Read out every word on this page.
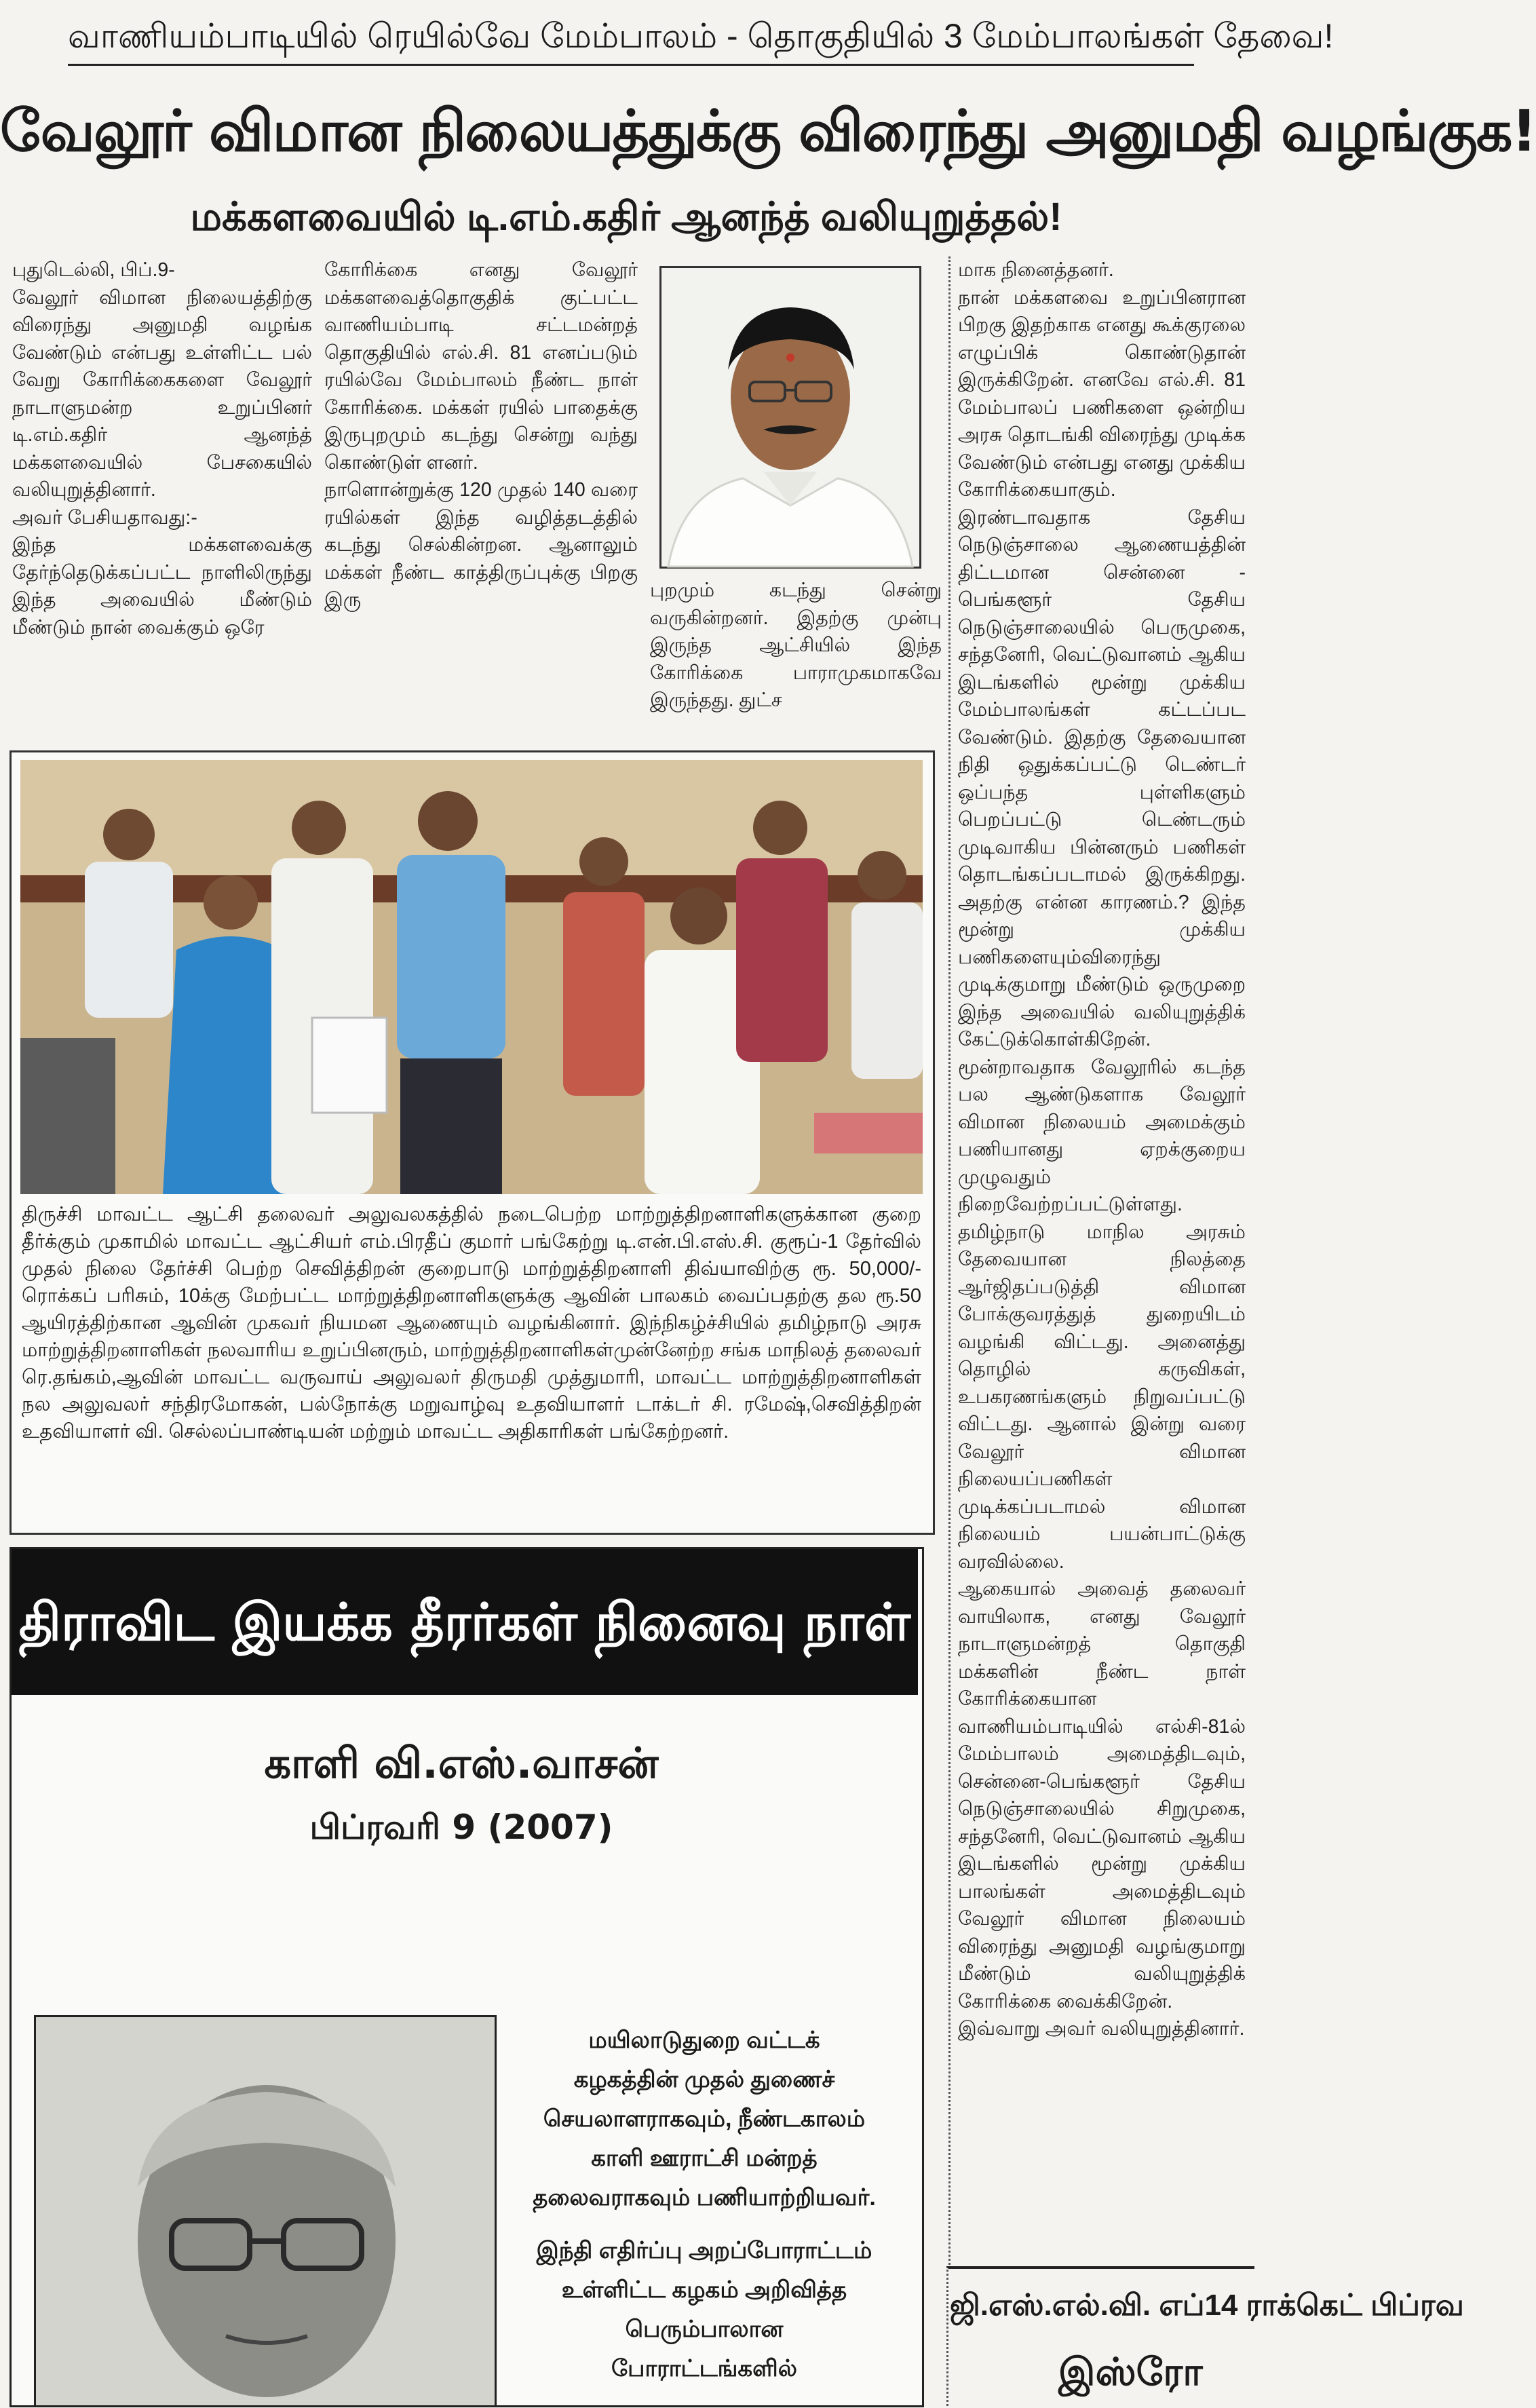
வாணியம்பாடியில் ரெயில்வே மேம்பாலம் - தொகுதியில் 3 மேம்பாலங்கள் தேவை!
வேலூர் விமான நிலையத்துக்கு விரைந்து அனுமதி வழங்குக!
மக்களவையில் டி.எம்.கதிர் ஆனந்த் வலியுறுத்தல்!
புதுடெல்லி, பிப்.9-
வேலூர் விமான நிலையத்திற்கு விரைந்து அனுமதி வழங்க வேண்டும் என்பது உள்ளிட்ட பல் வேறு கோரிக்கைகளை வேலூர் நாடாளுமன்ற உறுப்பினர் டி.எம்.கதிர் ஆனந்த் மக்களவையில் பேசகையில் வலியுறுத்தினார்.
அவர் பேசியதாவது:-
இந்த மக்களவைக்கு தேர்ந்தெடுக்கப்பட்ட நாளிலிருந்து இந்த அவையில் மீண்டும் மீண்டும் நான் வைக்கும் ஒரே
கோரிக்கை எனது வேலூர் மக்களவைத்தொகுதிக் குட்பட்ட வாணியம்பாடி சட்டமன்றத் தொகுதியில் எல்.சி. 81 எனப்படும் ரயில்வே மேம்பாலம் நீண்ட நாள் கோரிக்கை. மக்கள் ரயில் பாதைக்கு இருபுறமும் கடந்து சென்று வந்து கொண்டுள் ளனர்.
நாளொன்றுக்கு 120 முதல் 140 வரை ரயில்கள் இந்த வழித்தடத்தில் கடந்து செல்கின்றன. ஆனாலும் மக்கள் நீண்ட காத்திருப்புக்கு பிறகு இரு	புறமும் கடந்து சென்று வருகின்றனர். இதற்கு முன்பு இருந்த ஆட்சியில் இந்த கோரிக்கை பாராமுகமாகவே இருந்தது. துட்ச
மாக நினைத்தனர்.
நான் மக்களவை உறுப்பினரான பிறகு இதற்காக எனது கூக்குரலை எழுப்பிக் கொண்டுதான் இருக்கிறேன். எனவே எல்.சி. 81 மேம்பாலப் பணிகளை ஒன்றிய அரசு தொடங்கி விரைந்து முடிக்க வேண்டும் என்பது எனது முக்கிய கோரிக்கையாகும்.
இரண்டாவதாக தேசிய நெடுஞ்சாலை ஆணையத்தின் திட்டமான சென்னை - பெங்களூர் தேசிய நெடுஞ்சாலையில் பெருமுகை, சந்தனேரி, வெட்டுவானம் ஆகிய இடங்களில் மூன்று முக்கிய மேம்பாலங்கள் கட்டப்பட வேண்டும். இதற்கு தேவையான நிதி ஒதுக்கப்பட்டு டெண்டர் ஒப்பந்த புள்ளிகளும் பெறப்பட்டு டெண்டரும் முடிவாகிய பின்னரும் பணிகள் தொடங்கப்படாமல் இருக்கிறது. அதற்கு என்ன காரணம்.? இந்த மூன்று முக்கிய பணிகளையும்விரைந்து முடிக்குமாறு மீண்டும் ஒருமுறை இந்த அவையில் வலியுறுத்திக் கேட்டுக்கொள்கிறேன்.
மூன்றாவதாக வேலூரில் கடந்த பல ஆண்டுகளாக வேலூர் விமான நிலையம் அமைக்கும் பணியானது ஏறக்குறைய முழுவதும் நிறைவேற்றப்பட்டுள்ளது. தமிழ்நாடு மாநில அரசும் தேவையான நிலத்தை ஆர்ஜிதப்படுத்தி விமான போக்குவரத்துத் துறையிடம் வழங்கி விட்டது. அனைத்து தொழில் கருவிகள், உபகரணங்களும் நிறுவப்பட்டு விட்டது. ஆனால் இன்று வரை வேலூர் விமான நிலையப்பணிகள் முடிக்கப்படாமல் விமான நிலையம் பயன்பாட்டுக்கு வரவில்லை.
ஆகையால் அவைத் தலைவர் வாயிலாக, எனது வேலூர் நாடாளுமன்றத் தொகுதி மக்களின் நீண்ட நாள் கோரிக்கையான வாணியம்பாடியில் எல்சி-81ல் மேம்பாலம் அமைத்திடவும், சென்னை-பெங்களூர் தேசிய நெடுஞ்சாலையில் சிறுமுகை, சந்தனேரி, வெட்டுவானம் ஆகிய இடங்களில் மூன்று முக்கிய பாலங்கள் அமைத்திடவும் வேலூர் விமான நிலையம் விரைந்து அனுமதி வழங்குமாறு மீண்டும் வலியுறுத்திக் கோரிக்கை வைக்கிறேன்.
இவ்வாறு அவர் வலியுறுத்தினார்.
திருச்சி மாவட்ட ஆட்சி தலைவர் அலுவலகத்தில் நடைபெற்ற மாற்றுத்திறனாளிகளுக்கான குறை தீர்க்கும் முகாமில் மாவட்ட ஆட்சியர் எம்.பிரதீப் குமார் பங்கேற்று டி.என்.பி.எஸ்.சி. குரூப்-1 தேர்வில் முதல் நிலை தேர்ச்சி பெற்ற செவித்திறன் குறைபாடு மாற்றுத்திறனாளி திவ்யாவிற்கு ரூ. 50,000/- ரொக்கப் பரிசும், 10க்கு மேற்பட்ட மாற்றுத்திறனாளிகளுக்கு ஆவின் பாலகம் வைப்பதற்கு தல ரூ.50 ஆயிரத்திற்கான ஆவின் முகவர் நியமன ஆணையும் வழங்கினார். இந்நிகழ்ச்சியில் தமிழ்நாடு அரசு மாற்றுத்திறனாளிகள் நலவாரிய உறுப்பினரும், மாற்றுத்திறனாளிகள்முன்னேற்ற சங்க மாநிலத் தலைவர் ரெ.தங்கம்,ஆவின் மாவட்ட வருவாய் அலுவலர் திருமதி முத்துமாரி, மாவட்ட மாற்றுத்திறனாளிகள் நல அலுவலர் சந்திரமோகன், பல்நோக்கு மறுவாழ்வு உதவியாளர் டாக்டர் சி. ரமேஷ்,செவித்திறன் உதவியாளர் வி. செல்லப்பாண்டியன் மற்றும் மாவட்ட அதிகாரிகள் பங்கேற்றனர்.
திராவிட இயக்க தீரர்கள் நினைவு நாள்
காளி வி.எஸ்.வாசன்
பிப்ரவரி 9 (2007)
மயிலாடுதுறை வட்டக்
கழகத்தின் முதல் துணைச்
செயலாளராகவும், நீண்டகாலம்
காளி ஊராட்சி மன்றத்
தலைவராகவும் பணியாற்றியவர்.
இந்தி எதிர்ப்பு அறப்போராட்டம்
உள்ளிட்ட கழகம் அறிவித்த
பெரும்பாலான
போராட்டங்களில்
ஜி.எஸ்.எல்.வி. எப்14 ராக்கெட் பிப்ரவ
இஸ்ரோ
